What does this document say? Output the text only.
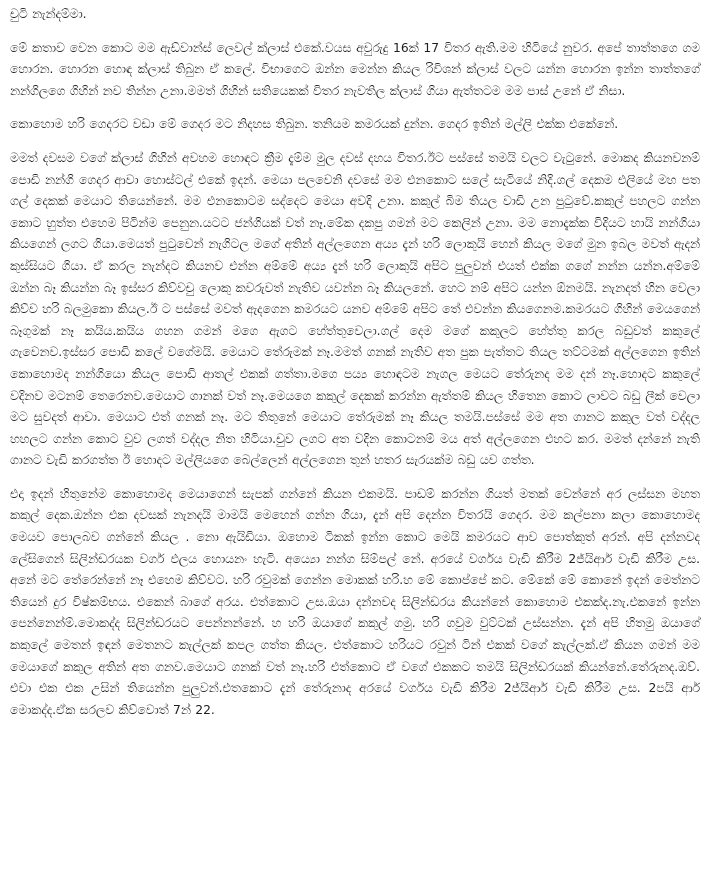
චුටි නැන්දම්මා.

මේ කතාව වෙන කොට මම ඇඩ්වාන්ස් ලෙවල් ක්ලාස් එකේ.වයස අවුරුදු 16ක් 17 විතර ඇති.මම හිටියේ නුවර. අපේ තාත්තගෙ ගම හොරන. හොරන හොඳ ක්ලාස් තිබුන ඒ කලේ. විභාගෙට ඔන්න මෙන්න කියල රිවිශන් ක්ලාස් වලට යන්න හොරන ඉන්න තාත්තගේ නන්ගිලගෙ ගිහින් නව තින්න උනා.මමත් ගිහින් සතියෙකක් විතර නැවතිල ක්ලාස් ගියා ඇත්තටම මම පාස් උනේ ඒ නිසා.

කොහොම හරි ගෙදරට වඩා මේ ගෙදර මට නිදහස තිබුන. තනියම කමරයක් දුන්න. ගෙදර ඉතින් මල්ලි එක්ක එකේනේ.

මමත් දවසම වගේ ක්ලාස් ගිහින් අවහම හොඳට ක්‍රීම දැම්ම මුල දවස් දහය විතර.ඊට පස්සේ තමයි වලට වැටුනේ. මොකද කියනවනම් පොඩි නන්ගි ගෙදර ආවා හොස්ටල් එකේ ඉදන්. මෙයා පලවෙනි දවසේ මම එනකොට සලේ සැටියේ නිදි.ගල් දෙකම එලියේ මහ පත ගල් දෙකක් මෙයාට තියෙන්නේ. මම එනකොටම සද්දෙට මෙයා අවදි උනා. කකුල් බිම තියල වාඩි උන පුටුවේ.කකුල් පහලට ගන්න කොට හුත්ත එහෙම පිටින්ම පෙනුන.යටට ජන්ගියක් වත් නෑ.මේක දකපු ගමන් මට කෙලින් උනා. මම නොදැක්ක විදියට හායි නන්ගියා කියගෙන් ලගට ගියා.මෙයත් පුටුවෙන් නැගිටල මගේ අතින් අල්ලගෙන අය්‍ය දැන් හරි ලොකුයි හෙන් කියල මගේ මුන ඉබල මවත් ඇදන් කුස්සියට ගියා. ඒ කරල නැන්දට කියනව එන්න අම්මේ අය්‍ය දැන් හරි ලොකුයි අපිට පුලුවන් එයත් එක්ක ගගේ නන්න යන්න.අම්මේ ඔන්න බෑ කියන්න බෑ ඉස්සර කිව්වචු ලොකු කවරුවත් නැතිව යවන්න බෑ කියලනේ. හෙට නම් අපිට යන්න ඕනමයි. නැනදත් හින වෙලා කිව්ව හරි බලමුකො කියල.ඊ ට පස්සේ මවත් ඇදගෙන කමරයට යනව අම්මේ අපිට තේ එවන්න කියගෙනම.කමරයට ගිහින් මෙයගෙන් බෑගුමක් නෑ කයිය.කයිය ගහන ගමන් මගෙ ඇගට හේත්තුවෙලා.ගල් දෙම මගේ කකුලට හේත්තු කරල බඩුවත් කකුලේ ගැවෙනව.ඉස්සර පොඩි කලේ වගේමයි. මෙයාට තේරුමක් නෑ.මමත් ගනක් නැතිව අත පුක පැත්තට තියල තට්ටමක් අල්ලගෙන ඉතින් කොහොමද නන්ගියො කියල පොඩි ආතල් එකක් ගත්තා.මගෙ පය්‍ය හොඳටම නැගල මෙයට තේරුනද මම දන් නෑ.හොදට කකුලේ වදිනව මටනම් තෙරෙනව.මෙයාට ගානක් වත් නෑ.මෙයගෙ කකුල් දෙකක් කරන්න ඇත්තම් කියල හිතෙන කොට ලාවට බඩු ලීක් වෙලා මට සුවදත් ආවා. මෙයාට එත් ගනක් නෑ. මට තිතුනේ මෙයාට තේරුමක් නෑ කියල තමයි.පස්සේ මම අත ගානට කකුල වත් වද්දල හහලට ගන්න කොට වුව ලගත් වද්දල නිත හිටියා.චුව ලගට අත වදින කොටනම් මය අත් අල්ලගෙන එහට කර. මමත් දන්නේ නැති ගානට වැඩි කරගත්ත ඊ හොදට මල්ලියගෙ බෙල්ලෙන් අල්ලගෙන තුන් හතර සැරයක්ම බඩු යව ගත්ත.

එදා ඉදන් හිතුනේම කොහොමද මෙයාගෙන් සැපක් ගන්නේ කියන එකමයි. පාඩම් කරන්න ගියත් මතක් වෙන්නේ අර ලස්සන මහත කකුල් දෙක.ඔන්න එක දවසක් නැනදයි මාමයි මෙහෙන් ගන්න ගියා, දැන් අපි දෙන්න විතරයි ගෙදර. මම කල්පනා කලා කොහොමද මෙයව පොලබව ගන්නේ කියල . නො ඇයිඩියා. ඔහොම ටිකක් ඉන්න කොට මෙයි කමරයට ආව පොත්කුත් අරන්. අපි දන්නවද ලේසිගෙන් සිලින්ඩරයක වර්ග ඵලය හොයනං හැටි. අය්‍යො නන්ග සිම්පල් නේ. අරයේ වර්ගය වැඩි කිරීම 2ජ්යිආර් වැඩි කිරීම උස. අනේ මට තේරෙන්නේ නෑ එහෙම කිව්වට. හරි රවුමක් ගෙන්න මොකක් හරි.හ මේ කොප්පේ කට. මේකේ මේ කොනේ ඉදන් මෙත්නට තියෙන් දුර විෂ්කම්භය. එකෙන් බාගේ අරය. එත්කොට උස.ඔයා දන්නවද සිලින්ඩරය කියන්නේ කොහොම එකක්ද.නැ.එකනේ ඉන්න පෙන්නෙන්ම්.මොකද්ද සිලින්ඩරයට පෙන්නන්නේ. හ හරි ඔයාගේ කකුල් ගමු. හරි ගවුම වුට්ටක් උස්සන්න. දැන් අපි හිතමු ඔයාගේ කකුලේ මෙතන් ඉඳන් මෙතනට කැල්ලක් කපල ගත්ත කියල. එත්කොට හරියට රවුන් ටින් එකක් වගේ කැල්ලක්.ඒ කියන ගමන් මම මෙයාගේ කකුල අතින් අත ගනව.මෙයාට ගනක් වත් නෑ.හරි එත්කොට ඒ වගේ එකකට තමයි සිලින්ඩරයක් කියන්නේ.තේරුනද.ඔව්. එවා එක එක උසින් තියෙන්න පුලුවන්.එතකොට දැන් තේරුනාද අරයේ වර්ගය වැඩි කිරීම 2ජ්යිආර් වැඩි කිරීම උස. 2පයි ආර් මොකද්ද.ඒක සරලව කිව්වොත් 7න් 22.
